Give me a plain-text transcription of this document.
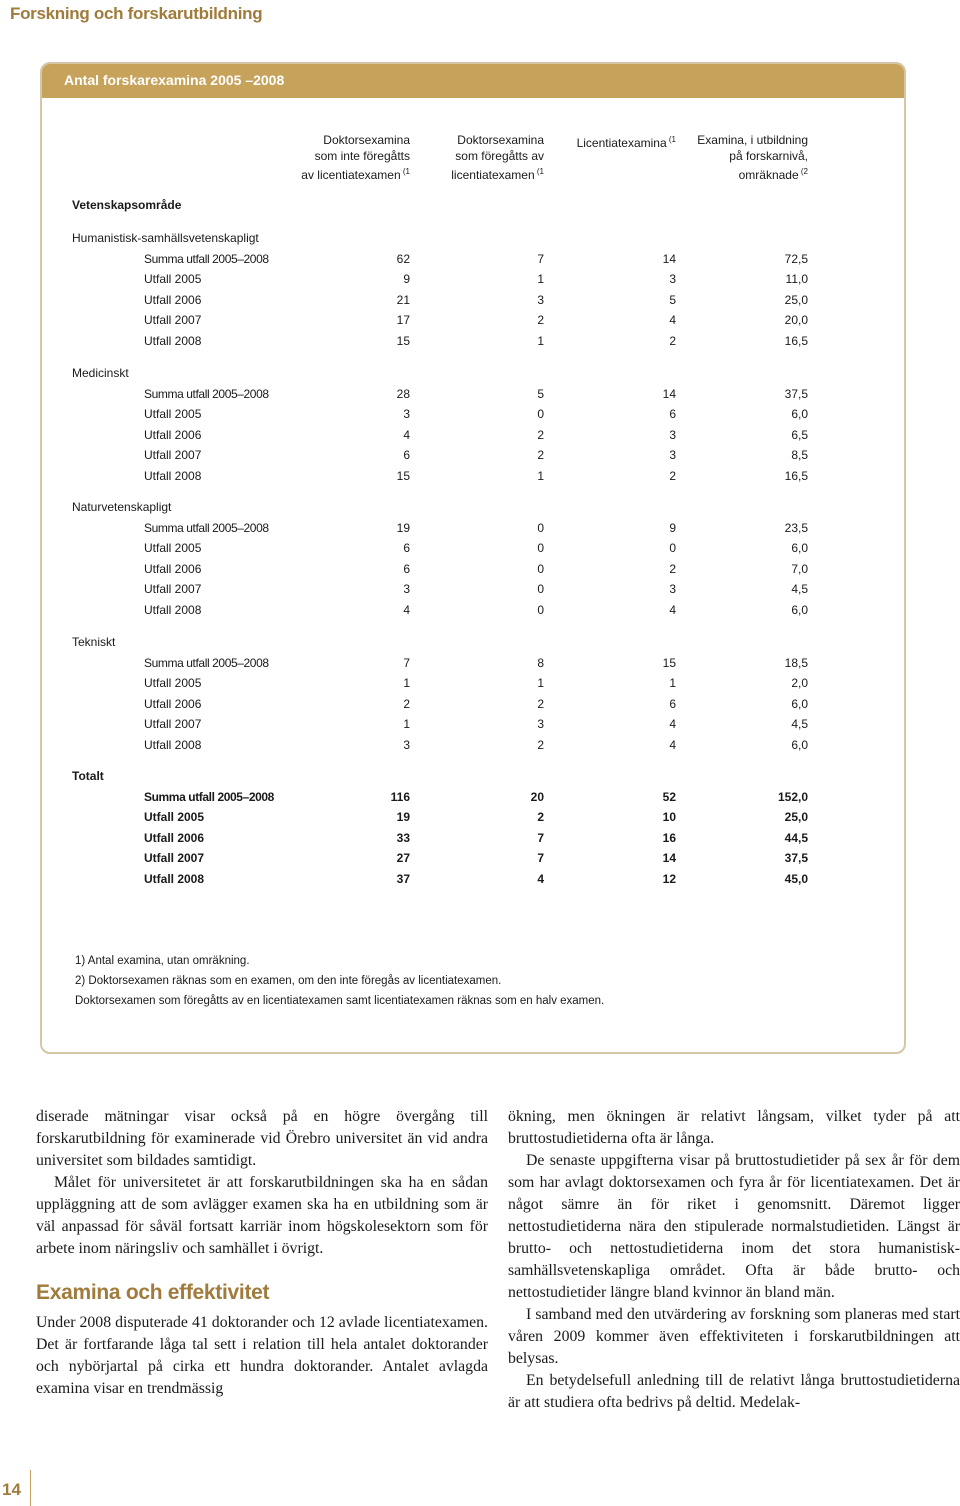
Forskning och forskarutbildning
Antal forskarexamina 2005 –2008
Doktorsexamina
som inte föregåtts
av licentiatexamen $^{(1}$
Doktorsexamina
som föregåtts av
licentiatexamen $^{(1}$
Licentiatexamina $^{(1}$	Examina, i utbildning
på forskarnivå,
omräknade $^{(2}$
Vetenskapsområde
Humanistisk-samhällsvetenskapligt
Summa utfall 2005–2008	62	7	14	72,5
Utfall 2005	9	1	3	11,0
Utfall 2006	21	3	5	25,0
Utfall 2007	17	2	4	20,0
Utfall 2008	15	1	2	16,5
Medicinskt
Summa utfall 2005–2008	28	5	14	37,5
Utfall 2005	3	0	6	6,0
Utfall 2006	4	2	3	6,5
Utfall 2007	6	2	3	8,5
Utfall 2008	15	1	2	16,5
Naturvetenskapligt
Summa utfall 2005–2008	19	0	9	23,5
Utfall 2005	6	0	0	6,0
Utfall 2006	6	0	2	7,0
Utfall 2007	3	0	3	4,5
Utfall 2008	4	0	4	6,0
Tekniskt
Summa utfall 2005–2008	7	8	15	18,5
Utfall 2005	1	1	1	2,0
Utfall 2006	2	2	6	6,0
Utfall 2007	1	3	4	4,5
Utfall 2008	3	2	4	6,0
Totalt
Summa utfall 2005–2008	116	20	52	152,0
Utfall 2005	19	2	10	25,0
Utfall 2006	33	7	16	44,5
Utfall 2007	27	7	14	37,5
Utfall 2008	37	4	12	45,0
1) Antal examina, utan omräkning.
2) Doktorsexamen räknas som en examen, om den inte föregås av licentiatexamen.
Doktorsexamen som föregåtts av en licentiatexamen samt licentiatexamen räknas som en halv examen.

diserade mätningar visar också på en högre övergång till forskarutbildning för examinerade vid Örebro universitet än vid andra universitet som bildades samtidigt.

Målet för universitetet är att forskarutbildningen ska ha en sådan uppläggning att de som avlägger examen ska ha en utbildning som är väl anpassad för såväl fortsatt karriär inom högskolesektorn som för arbete inom näringsliv och samhället i övrigt.

Examina och effektivitet

Under 2008 disputerade 41 doktorander och 12 avlade licentiatexamen. Det är fortfarande låga tal sett i relation till hela antalet doktorander och nybörjartal på cirka ett hundra doktorander. Antalet avlagda examina visar en trendmässig

ökning, men ökningen är relativt långsam, vilket tyder på att bruttostudietiderna ofta är långa.

De senaste uppgifterna visar på bruttostudietider på sex år för dem som har avlagt doktorsexamen och fyra år för licentiatexamen. Det är något sämre än för riket i genomsnitt. Däremot ligger nettostudietiderna nära den stipulerade normalstudietiden. Längst är brutto- och nettostudietiderna inom det stora humanistisk-samhällsvetenskapliga området. Ofta är både brutto- och nettostudietider längre bland kvinnor än bland män.

I samband med den utvärdering av forskning som planeras med start våren 2009 kommer även effektiviteten i forskarutbildningen att belysas.

En betydelsefull anledning till de relativt långa bruttostudietiderna är att studiera ofta bedrivs på deltid. Medelak-

14
